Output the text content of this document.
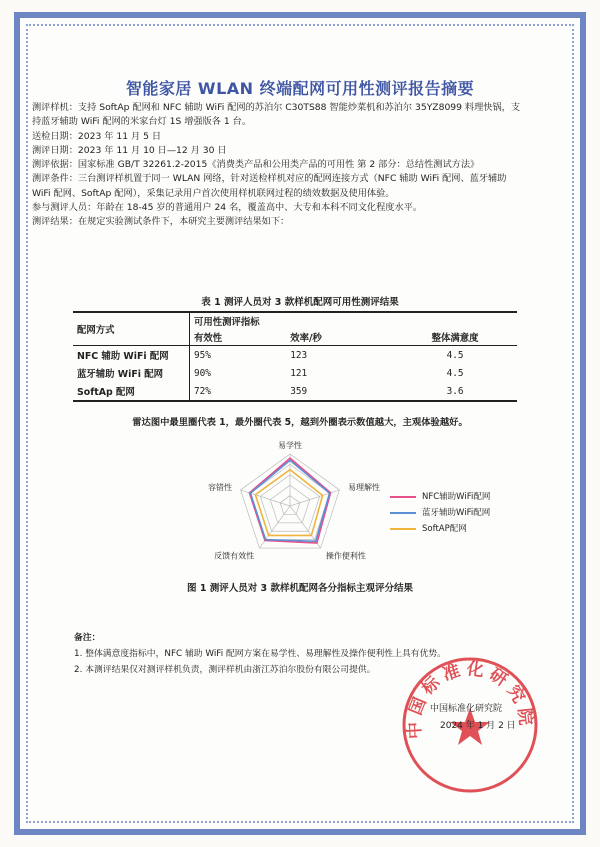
智能家居 WLAN 终端配网可用性测评报告摘要

测评样机：支持 SoftAp 配网和 NFC 辅助 WiFi 配网的苏泊尔 C30TS88 智能炒菜机和苏泊尔 35YZ8099 料理快锅，支持蓝牙辅助 WiFi 配网的米家台灯 1S 增强版各 1 台。

送检日期：2023 年 11 月 5 日

测评日期：2023 年 11 月 10 日—12 月 30 日

测评依据：国家标准 GB/T 32261.2-2015《消费类产品和公用类产品的可用性 第 2 部分：总结性测试方法》

测评条件：三台测评样机置于同一 WLAN 网络，针对送检样机对应的配网连接方式（NFC 辅助 WiFi 配网、蓝牙辅助 WiFi 配网、SoftAp 配网），采集记录用户首次使用样机联网过程的绩效数据及使用体验。

参与测评人员：年龄在 18-45 岁的普通用户 24 名，覆盖高中、大专和本科不同文化程度水平。

测评结果：在规定实验测试条件下，本研究主要测评结果如下：

表 1 测评人员对 3 款样机配网可用性测评结果
配网方式	可用性测评指标		
	有效性	效率/秒	整体满意度
NFC 辅助 WiFi 配网	95%	123	4.5
蓝牙辅助 WiFi 配网	90%	121	4.5
SoftAp 配网	72%	359	3.6
雷达图中最里圈代表 1，最外圈代表 5，越到外圈表示数值越大，主观体验越好。
易学性
易理解性
操作便利性
反馈有效性
容错性
NFC辅助WiFi配网
蓝牙辅助WiFi配网
SoftAP配网
图 1 测评人员对 3 款样机配网各分指标主观评分结果
备注：
1. 整体满意度指标中，NFC 辅助 WiFi 配网方案在易学性、易理解性及操作便利性上具有优势。
2. 本测评结果仅对测评样机负责，测评样机由浙江苏泊尔股份有限公司提供。
中国标准化研究院
中国标准化研究院
2024 年 1 月 2 日
